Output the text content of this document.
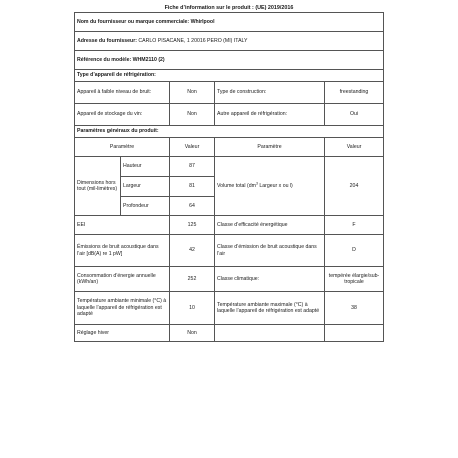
Fiche d’information sur le produit : (UE) 2019/2016
Nom du fournisseur ou marque commerciale: Whirlpool				
Adresse du fournisseur: CARLO PISACANE, 1 20016 PERO (MI) ITALY				
Référence du modèle: WHM2110 (2)				
Type d’appareil de réfrigération:				
Appareil à faible niveau de bruit:		Non	Type de construction:	freestanding
Appareil de stockage du vin:		Non	Autre appareil de réfrigération:	Oui
Paramètres généraux du produit:				
Paramètre		Valeur	Paramètre	Valeur
Dimensions hors tout (mil-limètres)	Hauteur	87	Volume total ($dm^3$ Largeur x ou l)	204
	Largeur	81		
	Profondeur	64		
EEI		125	Classe d’efficacité énergétique	F
Émissions de bruit acoustique dans l’air [dB(A) re 1 pW]		42	Classe d’émission de bruit acoustique dans l’air	D
Consommation d’énergie annuelle (kWh/an)		252	Classe climatique:	tempérée élargie/sub-tropicale
Température ambiante minimale (°C) à laquelle l’appareil de réfrigération est adapté		10	Température ambiante maximale (°C) à laquelle l’appareil de réfrigération est adapté	38
Réglage hiver		Non		
